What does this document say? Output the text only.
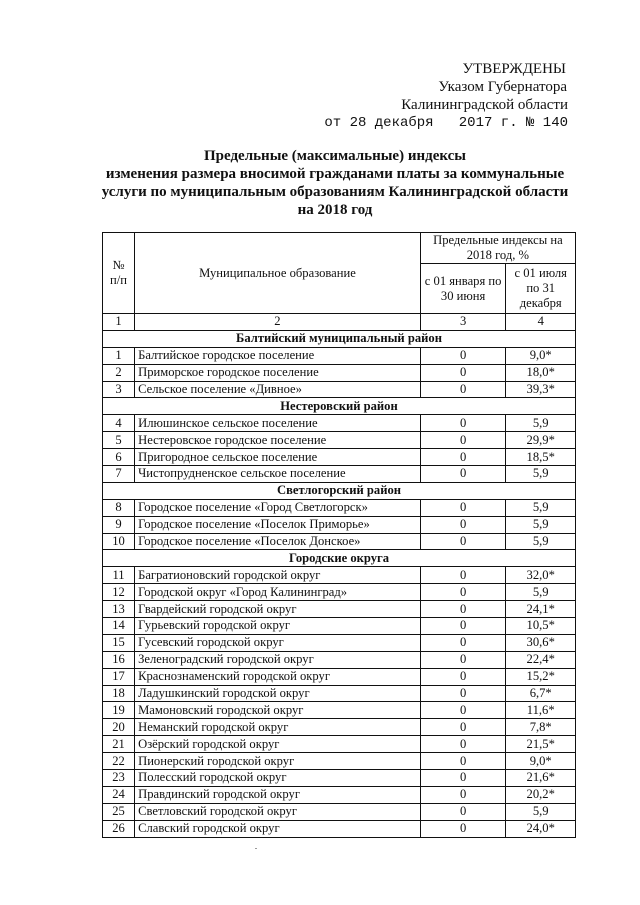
УТВЕРЖДЕНЫ
Указом Губернатора
Калининградской области
от 28 декабря   2017 г. № 140
Предельные (максимальные) индексы
изменения размера вносимой гражданами платы за коммунальные
услуги по муниципальным образованиям Калининградской области
на 2018 год
№ п/п	Муниципальное образование	Предельные индексы на 2018 год, %	
		с 01 января по 30 июня	с 01 июля по 31 декабря
1	2	3	4
Балтийский муниципальный район			
1	Балтийское городское поселение	0	9,0*
2	Приморское городское поселение	0	18,0*
3	Сельское поселение «Дивное»	0	39,3*
Нестеровский район			
4	Илюшинское сельское поселение	0	5,9
5	Нестеровское городское поселение	0	29,9*
6	Пригородное сельское поселение	0	18,5*
7	Чистопрудненское сельское поселение	0	5,9
Светлогорский район			
8	Городское поселение «Город Светлогорск»	0	5,9
9	Городское поселение «Поселок Приморье»	0	5,9
10	Городское поселение «Поселок Донское»	0	5,9
Городские округа			
11	Багратионовский городской округ	0	32,0*
12	Городской округ «Город Калининград»	0	5,9
13	Гвардейский городской округ	0	24,1*
14	Гурьевский городской округ	0	10,5*
15	Гусевский городской округ	0	30,6*
16	Зеленоградский городской округ	0	22,4*
17	Краснознаменский городской округ	0	15,2*
18	Ладушкинский городской округ	0	6,7*
19	Мамоновский городской округ	0	11,6*
20	Неманский городской округ	0	7,8*
21	Озёрский городской округ	0	21,5*
22	Пионерский городской округ	0	9,0*
23	Полесский городской округ	0	21,6*
24	Правдинский городской округ	0	20,2*
25	Светловский городской округ	0	5,9
26	Славский городской округ	0	24,0*
